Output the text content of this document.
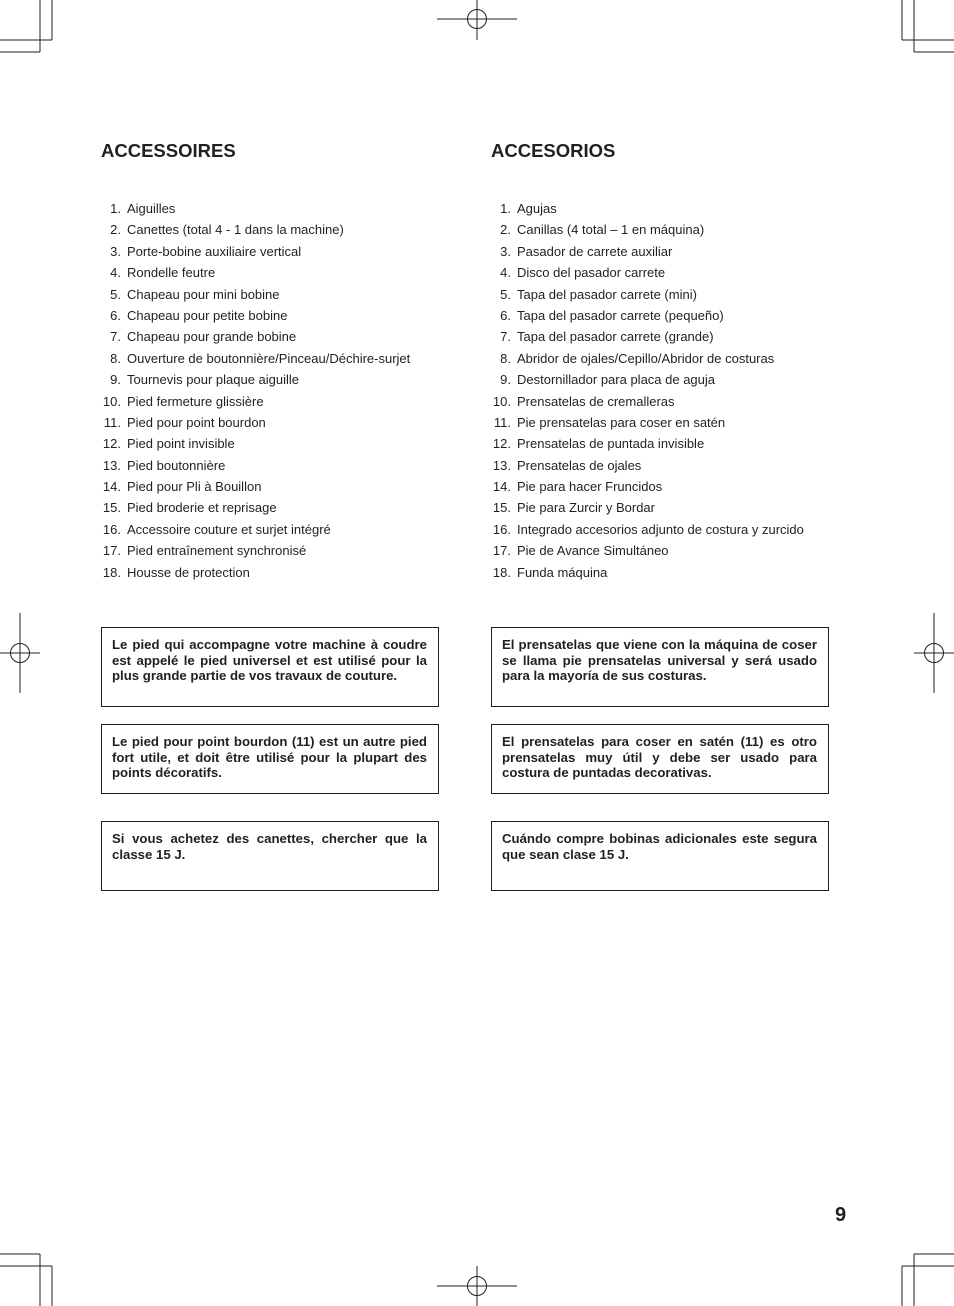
ACCESSOIRES
1. Aiguilles
2. Canettes (total 4 - 1 dans la machine)
3. Porte-bobine auxiliaire vertical
4. Rondelle feutre
5. Chapeau pour mini bobine
6. Chapeau pour petite bobine
7. Chapeau pour grande bobine
8. Ouverture de boutonnière/Pinceau/Déchire-surjet
9. Tournevis pour plaque aiguille
10. Pied fermeture glissière
11. Pied pour point bourdon
12. Pied point invisible
13. Pied boutonnière
14. Pied pour Pli à Bouillon
15. Pied broderie et reprisage
16. Accessoire couture et surjet intégré
17. Pied entraînement synchronisé
18. Housse de protection
ACCESORIOS
1. Agujas
2. Canillas (4 total – 1 en máquina)
3. Pasador de carrete auxiliar
4. Disco del pasador carrete
5. Tapa del pasador carrete (mini)
6. Tapa del pasador carrete (pequeño)
7. Tapa del pasador carrete (grande)
8. Abridor de ojales/Cepillo/Abridor de costuras
9. Destornillador para placa de aguja
10. Prensatelas de cremalleras
11. Pie prensatelas para coser en satén
12. Prensatelas de puntada invisible
13. Prensatelas de ojales
14. Pie para hacer Fruncidos
15. Pie para Zurcir y Bordar
16. Integrado accesorios adjunto de costura y zurcido
17. Pie de Avance Simultáneo
18. Funda máquina
Le pied qui accompagne votre machine à coudre est appelé le pied universel et est utilisé pour la plus grande partie de vos travaux de couture.
Le pied pour point bourdon (11) est un autre pied fort utile, et doit être utilisé pour la plupart des points décoratifs.
Si vous achetez des canettes, chercher que la classe 15 J.
El prensatelas que viene con la máquina de coser se llama pie prensatelas universal y será usado para la mayoría de sus costuras.
El prensatelas para coser en satén (11) es otro prensatelas muy útil y debe ser usado para costura de puntadas decorativas.
Cuándo compre bobinas adicionales este segura que sean clase 15 J.
9
